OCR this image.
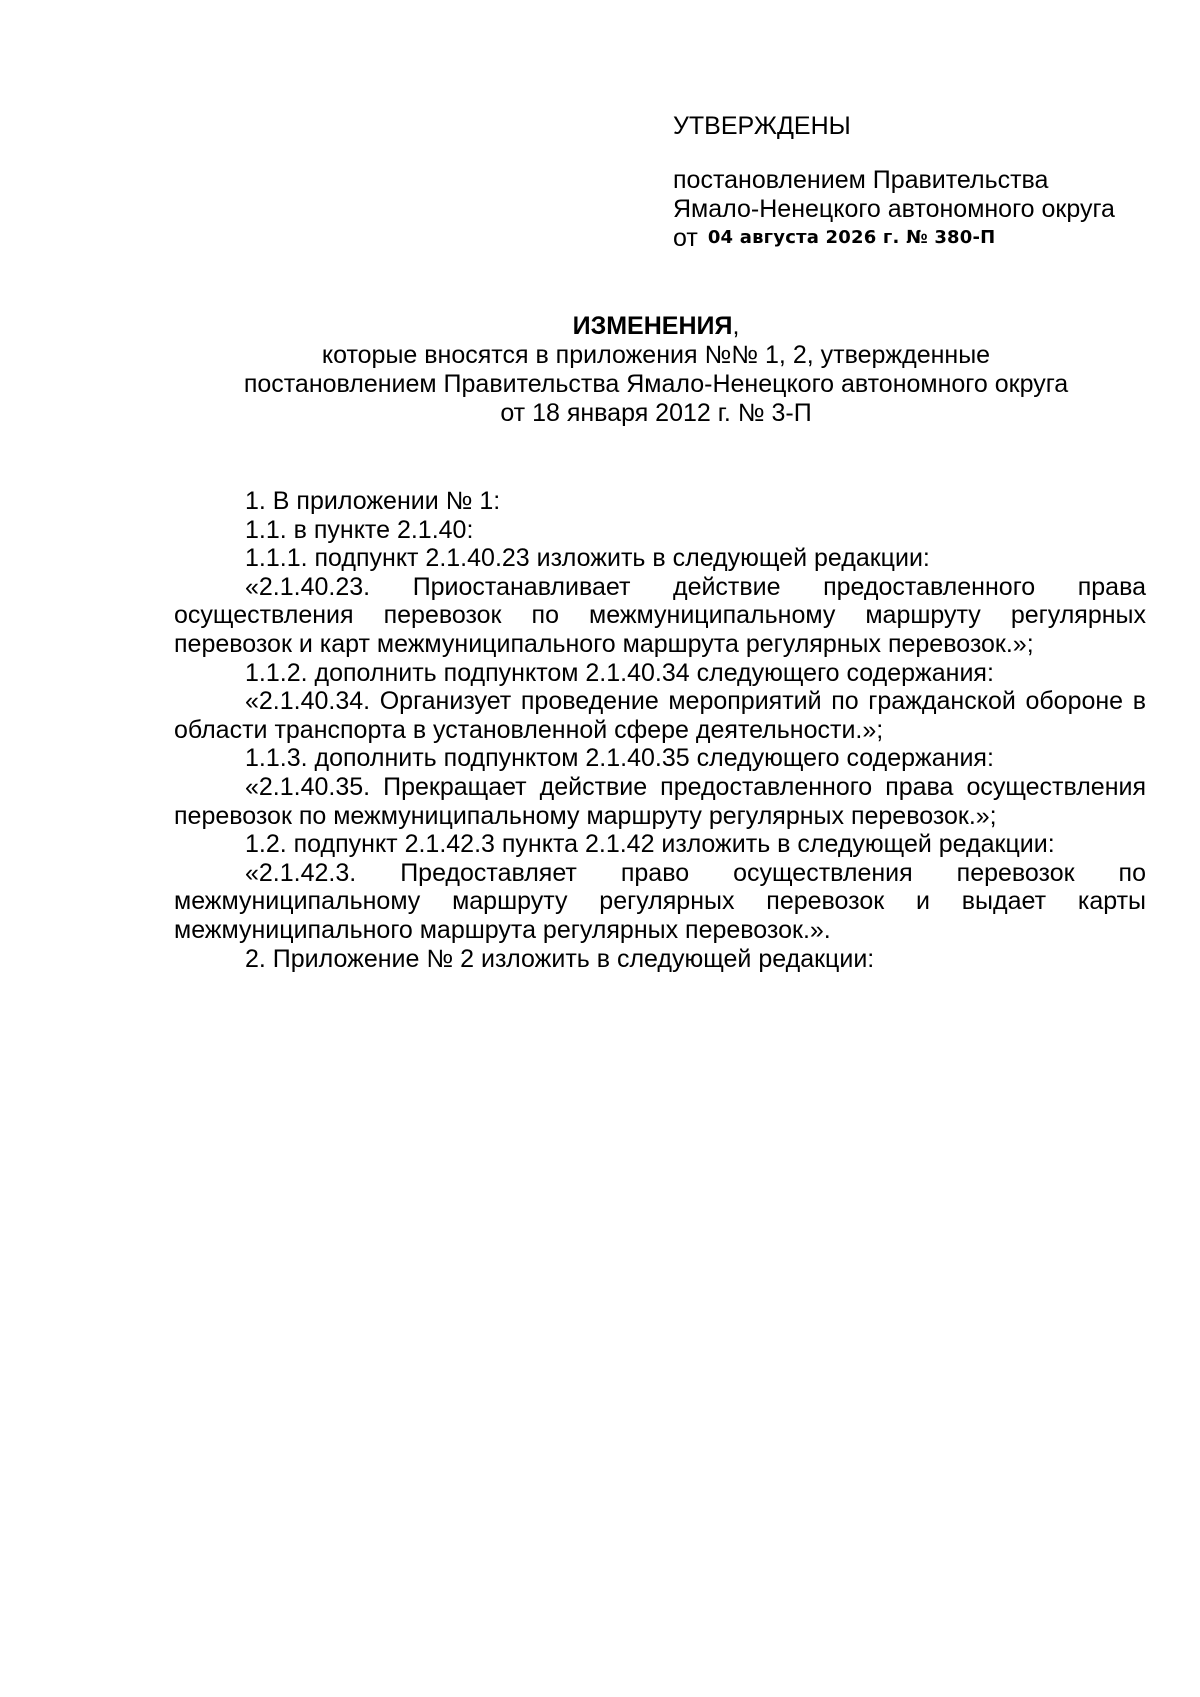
УТВЕРЖДЕНЫ
постановлением Правительства
Ямало-Ненецкого автономного округа
от 04 августа 2026 г. № 380-П
ИЗМЕНЕНИЯ,
которые вносятся в приложения №№ 1, 2, утвержденные
постановлением Правительства Ямало-Ненецкого автономного округа
от 18 января 2012 г. № 3-П

1. В приложении № 1:

1.1. в пункте 2.1.40:

1.1.1. подпункт 2.1.40.23 изложить в следующей редакции:

«2.1.40.23. Приостанавливает действие предоставленного права осуществления перевозок по межмуниципальному маршруту регулярных перевозок и карт межмуниципального маршрута регулярных перевозок.»;

1.1.2. дополнить подпунктом 2.1.40.34 следующего содержания:

«2.1.40.34. Организует проведение мероприятий по гражданской обороне в области транспорта в установленной сфере деятельности.»;

1.1.3. дополнить подпунктом 2.1.40.35 следующего содержания:

«2.1.40.35. Прекращает действие предоставленного права осуществления перевозок по межмуниципальному маршруту регулярных перевозок.»;

1.2. подпункт 2.1.42.3 пункта 2.1.42 изложить в следующей редакции:

«2.1.42.3. Предоставляет право осуществления перевозок по межмуниципальному маршруту регулярных перевозок и выдает карты межмуниципального маршрута регулярных перевозок.».

2. Приложение № 2 изложить в следующей редакции:
